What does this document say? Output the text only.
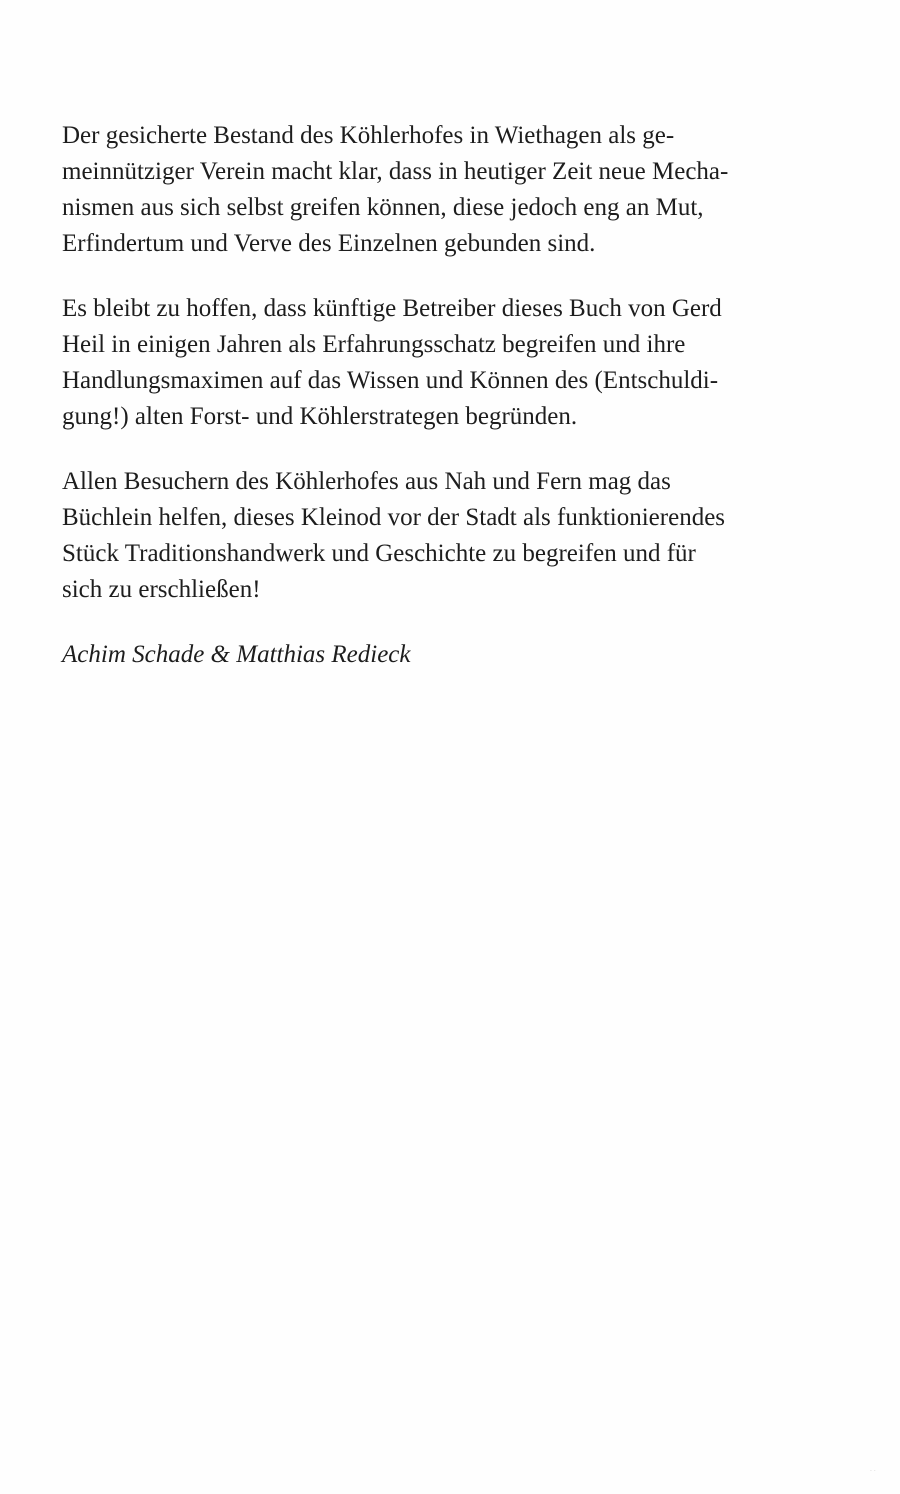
Der gesicherte Bestand des Köhlerhofes in Wiethagen als ge-
meinnütziger Verein macht klar, dass in heutiger Zeit neue Mecha-
nismen aus sich selbst greifen können, diese jedoch eng an Mut,
Erfindertum und Verve des Einzelnen gebunden sind.

Es bleibt zu hoffen, dass künftige Betreiber dieses Buch von Gerd
Heil in einigen Jahren als Erfahrungsschatz begreifen und ihre
Handlungsmaximen auf das Wissen und Können des (Entschuldi-
gung!) alten Forst- und Köhlerstrategen begründen.

Allen Besuchern des Köhlerhofes aus Nah und Fern mag das
Büchlein helfen, dieses Kleinod vor der Stadt als funktionierendes
Stück Traditionshandwerk und Geschichte zu begreifen und für
sich zu erschließen!

Achim Schade & Matthias Redieck

· ·
